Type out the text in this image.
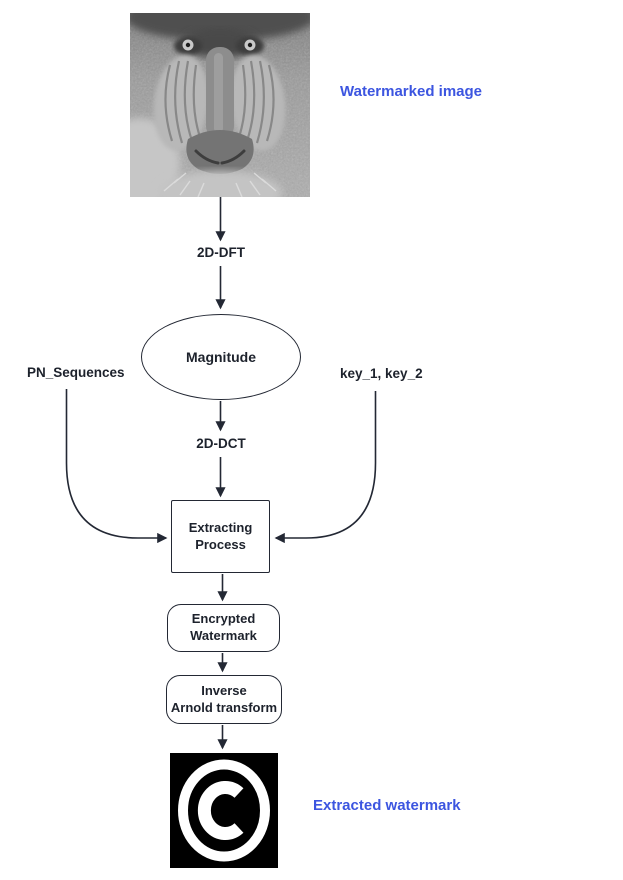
Watermarked image
2D-DFT
Magnitude
2D-DCT
PN_Sequences	key_1, key_2
Extracting
Process
Encrypted
Watermark
Inverse
Arnold transform
Extracted watermark
